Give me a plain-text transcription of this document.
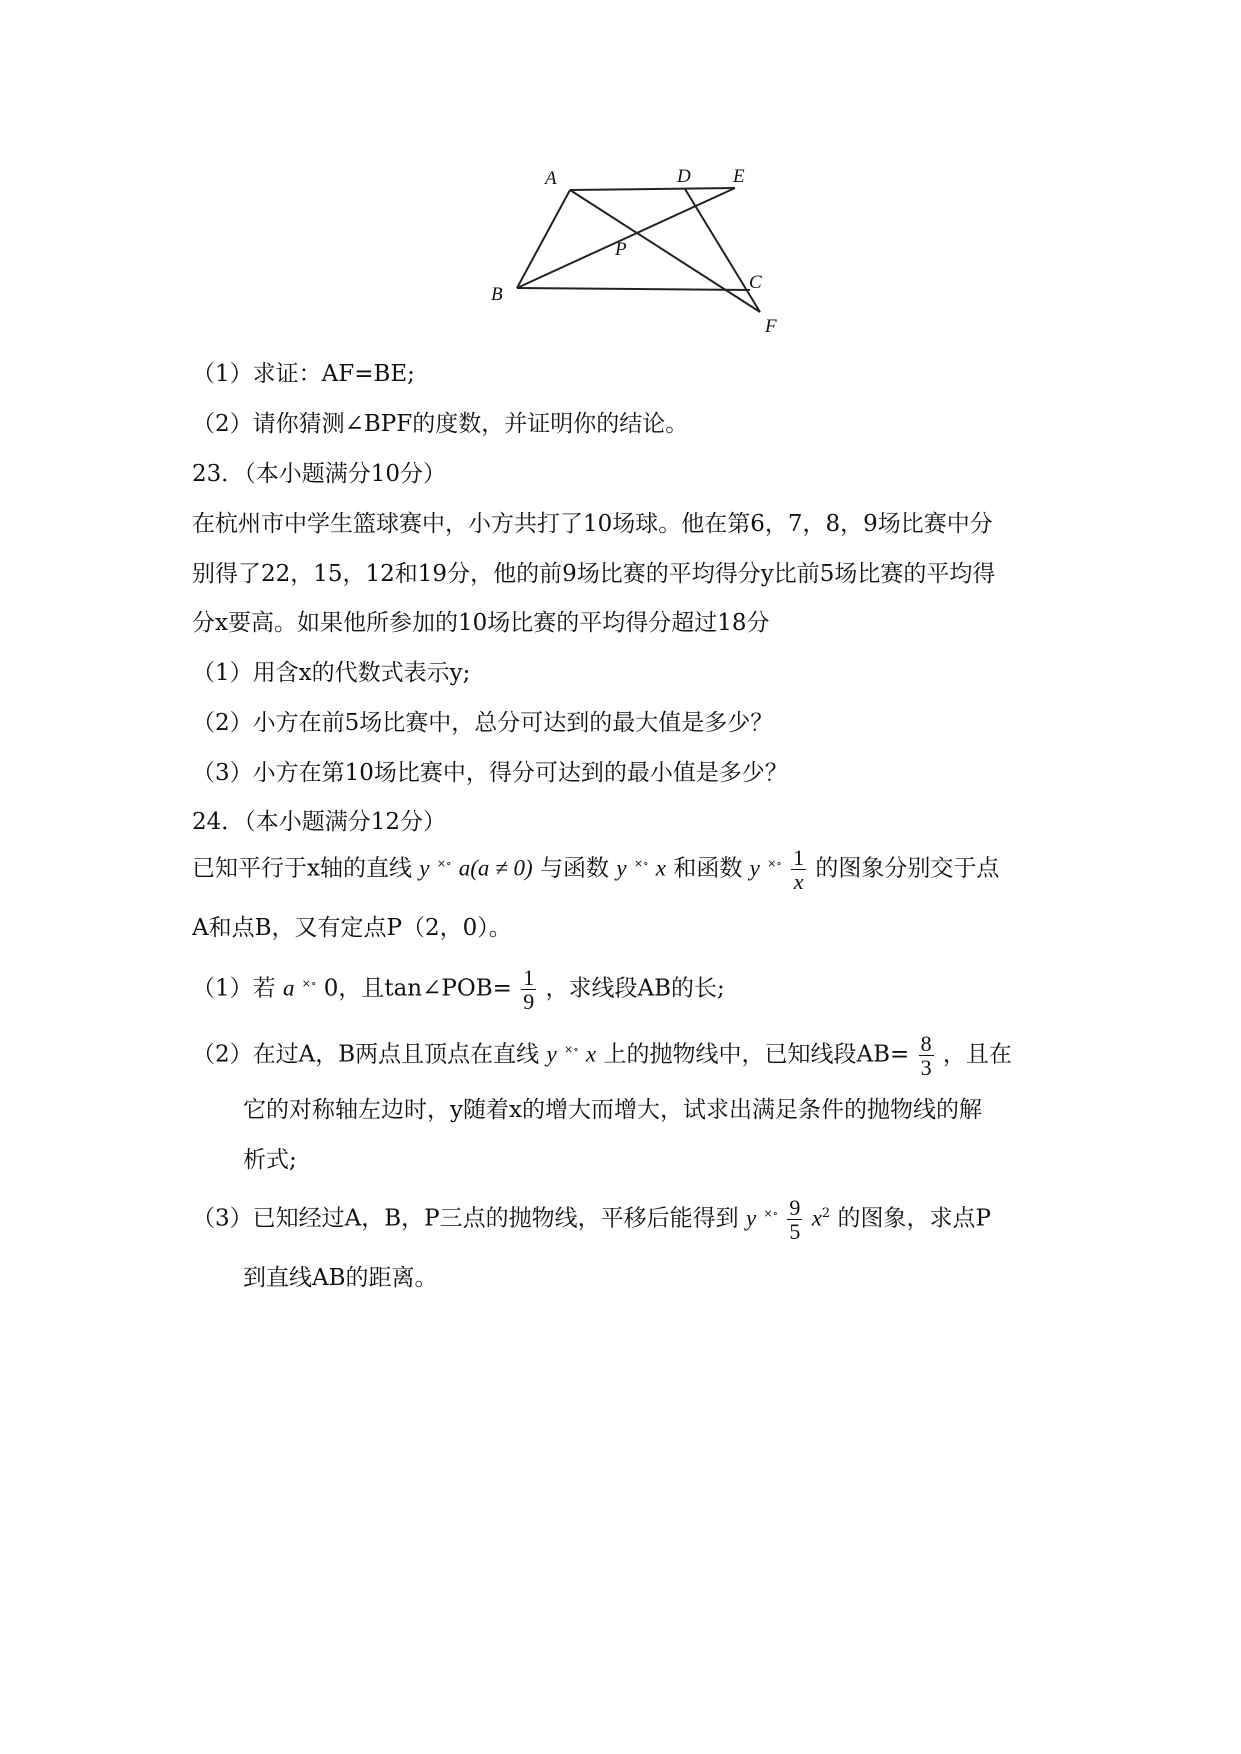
A	D E
P
B
C
F
（1）求证：AF=BE;
（2）请你猜测∠BPF的度数，并证明你的结论。
23．（本小题满分10分）
在杭州市中学生篮球赛中，小方共打了10场球。他在第6，7，8，9场比赛中分
别得了22，15，12和19分，他的前9场比赛的平均得分y比前5场比赛的平均得
分x要高。如果他所参加的10场比赛的平均得分超过18分
（1）用含x的代数式表示y;
（2）小方在前5场比赛中，总分可达到的最大值是多少？
（3）小方在第10场比赛中，得分可达到的最小值是多少？
24．（本小题满分12分）
已知平行于x轴的直线 y ×∘ a(a ≠ 0) 与函数 y ×∘ x 和函数 y $^{\times\circ} \frac{1}{x}$ 的图象分别交于点
A和点B，又有定点P（2，0）。
（1）若 a ×∘ 0，且tan∠POB= $\frac{1}{9}$ ，求线段AB的长;
（2）在过A，B两点且顶点在直线 y ×∘ x 上的抛物线中，已知线段$AB= \frac{8}{3}$ ，且在
它的对称轴左边时，y随着x的增大而增大，试求出满足条件的抛物线的解
析式;
（3）已知经过A，B，P三点的抛物线，平移后能得到 y $^{\times\circ} \frac{9}{5} x^2$ 的图象，求点P
到直线AB的距离。
